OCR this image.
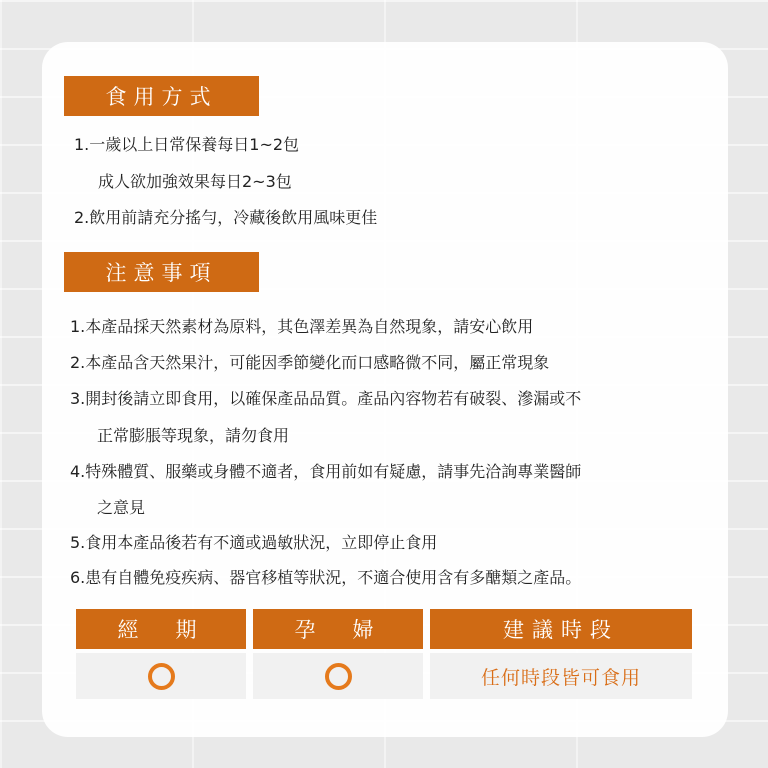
食用方式
1.一歲以上日常保養每日1~2包
成人欲加強效果每日2~3包
2.飲用前請充分搖勻，冷藏後飲用風味更佳
注意事項
1.本產品採天然素材為原料，其色澤差異為自然現象，請安心飲用
2.本產品含天然果汁，可能因季節變化而口感略微不同，屬正常現象
3.開封後請立即食用，以確保產品品質。產品內容物若有破裂、滲漏或不
正常膨脹等現象，請勿食用
4.特殊體質、服藥或身體不適者，食用前如有疑慮，請事先洽詢專業醫師
之意見
5.食用本產品後若有不適或過敏狀況，立即停止食用
6.患有自體免疫疾病、器官移植等狀況，不適合使用含有多醣類之產品。
經　期	孕　婦	建議時段
任何時段皆可食用
